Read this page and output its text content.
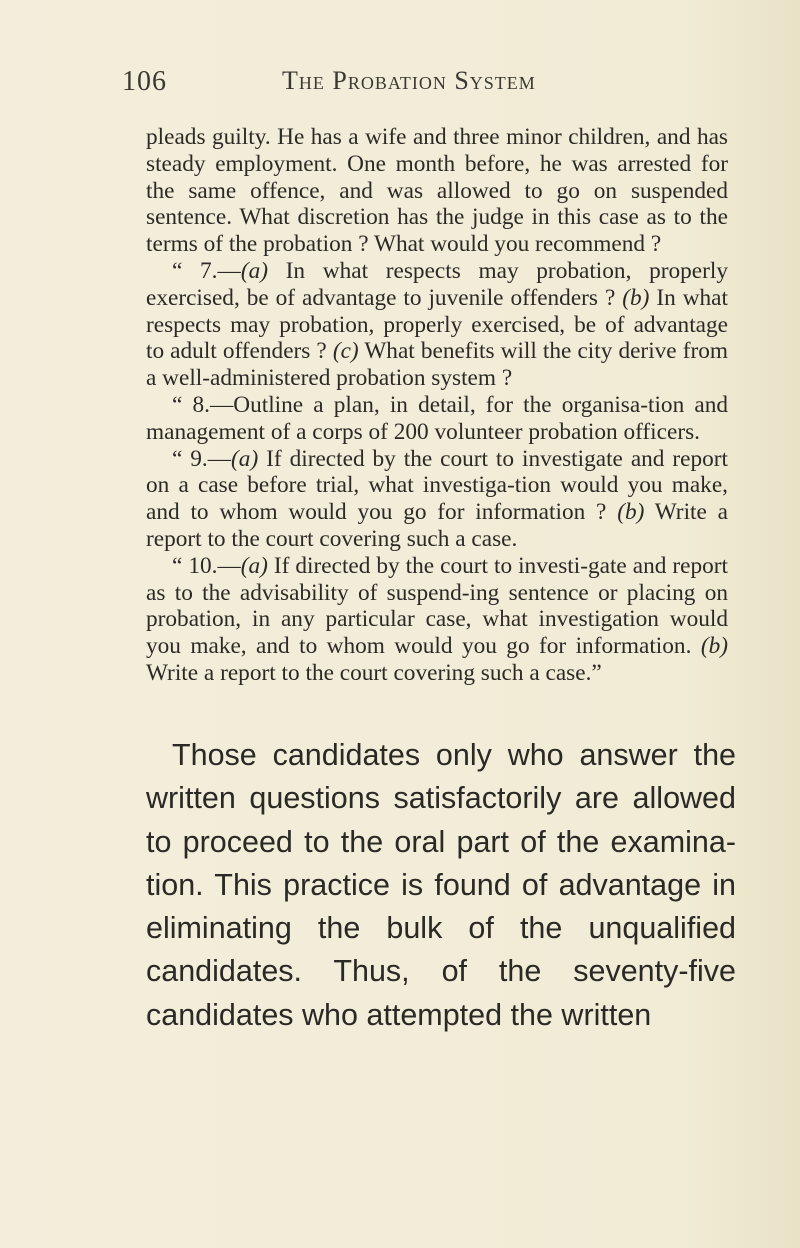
106	The Probation System

pleads guilty. He has a wife and three minor children, and has steady employment. One month before, he was arrested for the same offence, and was allowed to go on suspended sentence. What discretion has the judge in this case as to the terms of the probation ? What would you recommend ?

“ 7.—(a) In what respects may probation, properly exercised, be of advantage to juvenile offenders ? (b) In what respects may probation, properly exercised, be of advantage to adult offenders ? (c) What benefits will the city derive from a well-administered probation system ?

“ 8.—Outline a plan, in detail, for the organisa-tion and management of a corps of 200 volunteer probation officers.

“ 9.—(a) If directed by the court to investigate and report on a case before trial, what investiga-tion would you make, and to whom would you go for information ? (b) Write a report to the court covering such a case.

“ 10.—(a) If directed by the court to investi-gate and report as to the advisability of suspend-ing sentence or placing on probation, in any particular case, what investigation would you make, and to whom would you go for information. (b) Write a report to the court covering such a case.”

Those candidates only who answer the written questions satisfactorily are allowed to proceed to the oral part of the examina-tion. This practice is found of advantage in eliminating the bulk of the unqualified candidates. Thus, of the seventy-five candidates who attempted the written
